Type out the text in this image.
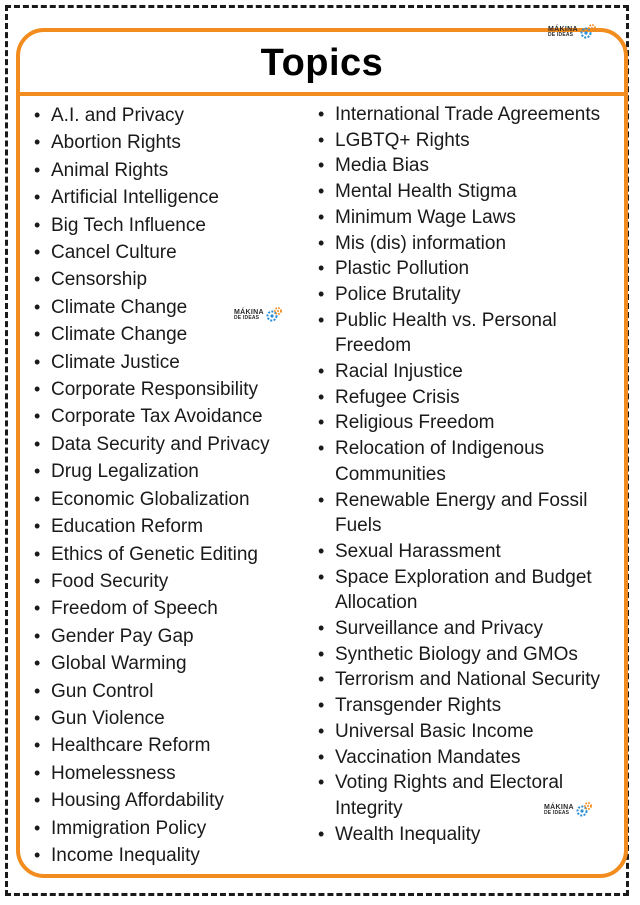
Topics
• A.I. and Privacy
• Abortion Rights
• Animal Rights
• Artificial Intelligence
• Big Tech Influence
• Cancel Culture
• Censorship
• Climate Change
• Climate Change
• Climate Justice
• Corporate Responsibility
• Corporate Tax Avoidance
• Data Security and Privacy
• Drug Legalization
• Economic Globalization
• Education Reform
• Ethics of Genetic Editing
• Food Security
• Freedom of Speech
• Gender Pay Gap
• Global Warming
• Gun Control
• Gun Violence
• Healthcare Reform
• Homelessness
• Housing Affordability
• Immigration Policy
• Income Inequality
• International Trade Agreements
• LGBTQ+ Rights
• Media Bias
• Mental Health Stigma
• Minimum Wage Laws
• Mis (dis) information
• Plastic Pollution
• Police Brutality
• Public Health vs. Personal
Freedom
• Racial Injustice
• Refugee Crisis
• Religious Freedom
• Relocation of Indigenous
Communities
• Renewable Energy and Fossil
Fuels
• Sexual Harassment
• Space Exploration and Budget
Allocation
• Surveillance and Privacy
• Synthetic Biology and GMOs
• Terrorism and National Security
• Transgender Rights
• Universal Basic Income
• Vaccination Mandates
• Voting Rights and Electoral
Integrity
• Wealth Inequality
MÁKINA
DE IDEAS
MÁKINA
DE IDEAS
MÁKINA
DE IDEAS
